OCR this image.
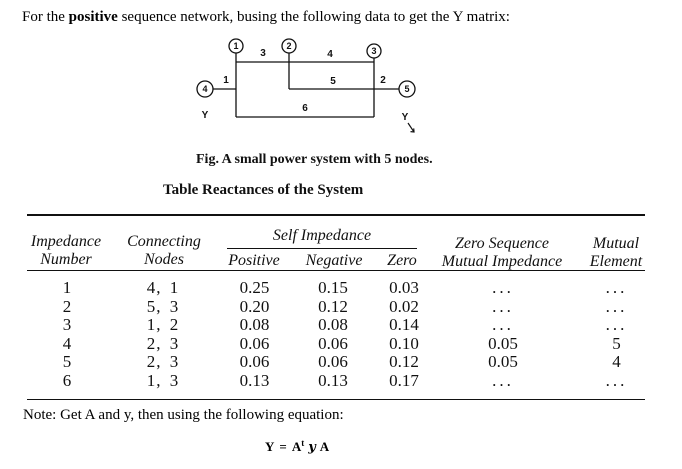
For the positive sequence network, busing the following data to get the Y matrix:
1	2	3
4	5
1	2
3	4
5
6
Y	Y
Fig. A small power system with 5 nodes.
Table Reactances of the System
Impedance
Number
Connecting
Nodes
Self Impedance
Positive	Negative	Zero
Zero Sequence
Mutual Impedance
Mutual
Element
1	4, 1	0.25	0.15	0.03	...	...
2	5, 3	0.20	0.12	0.02	...	...
3	1, 2	0.08	0.08	0.14	...	...
4	2, 3	0.06	0.06	0.10	0.05	5
5	2, 3	0.06	0.06	0.12	0.05	4
6	1, 3	0.13	0.13	0.17	...	...
Note: Get A and y, then using the following equation:
$Y = A^t$ y A
